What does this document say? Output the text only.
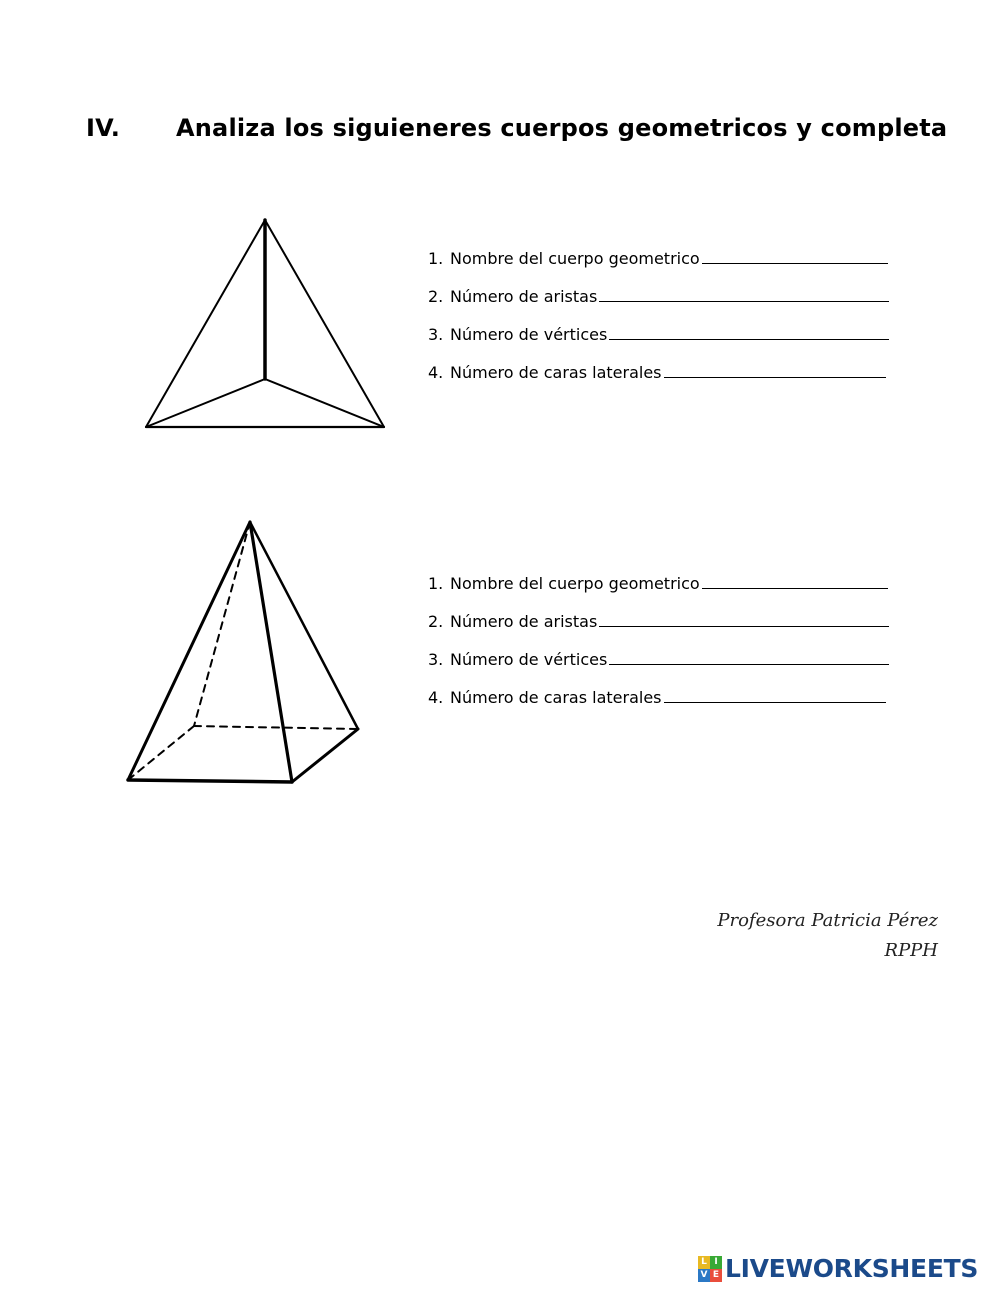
IV. Analiza los siguieneres cuerpos geometricos y completa
1. Nombre del cuerpo geometrico
2. Número de aristas
3. Número de vértices
4. Número de caras laterales
1. Nombre del cuerpo geometrico
2. Número de aristas
3. Número de vértices
4. Número de caras laterales
Profesora Patricia Pérez
RPPH
L I
V E LIVEWORKSHEETS
